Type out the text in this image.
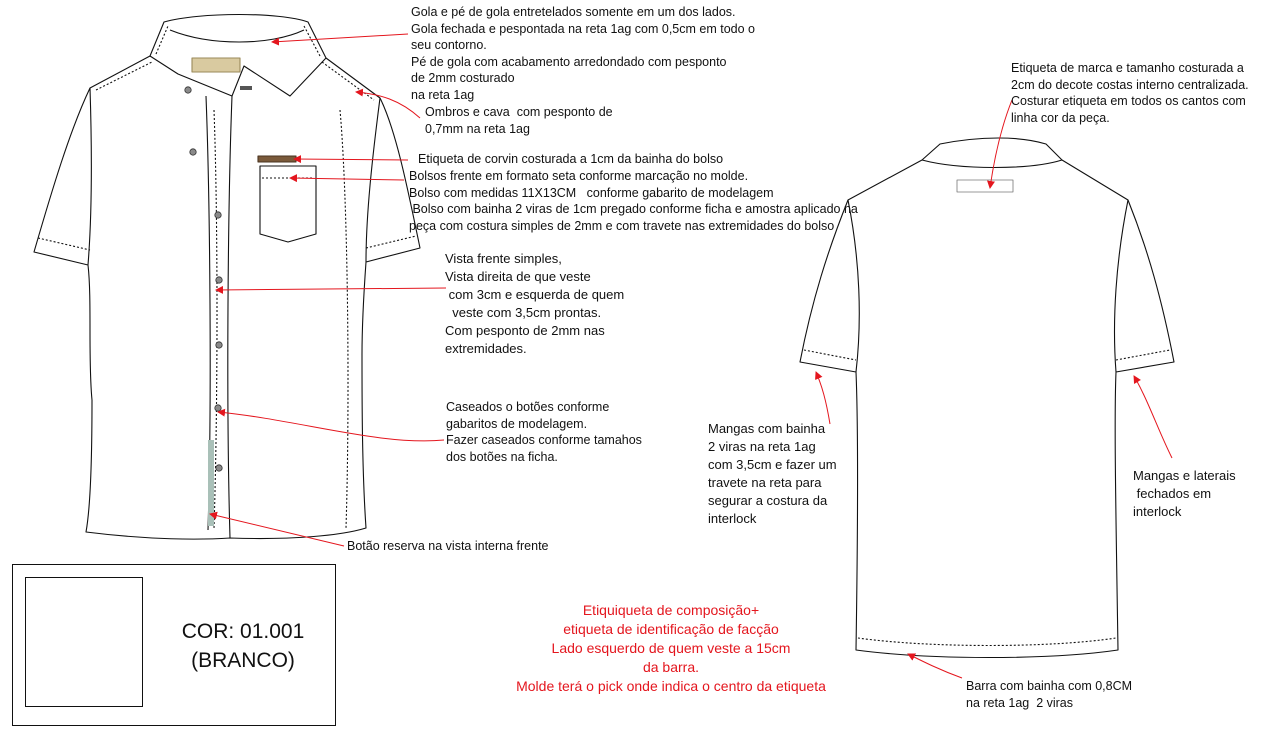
Gola e pé de gola entretelados somente em um dos lados.
Gola fechada e pespontada na reta 1ag com 0,5cm em todo o
seu contorno.
Pé de gola com acabamento arredondado com pesponto
de 2mm costurado
na reta 1ag
Ombros e cava  com pesponto de
0,7mm na reta 1ag
Etiqueta de corvin costurada a 1cm da bainha do bolso
Bolsos frente em formato seta conforme marcação no molde.
Bolso com medidas 11X13CM   conforme gabarito de modelagem
Bolso com bainha 2 viras de 1cm pregado conforme ficha e amostra aplicado na
peça com costura simples de 2mm e com travete nas extremidades do bolso
Vista frente simples,
Vista direita de que veste
com 3cm e esquerda de quem
veste com 3,5cm prontas.
Com pesponto de 2mm nas
extremidades.
Caseados o botões conforme
gabaritos de modelagem.
Fazer caseados conforme tamahos
dos botões na ficha.
Botão reserva na vista interna frente
Etiqueta de marca e tamanho costurada a
2cm do decote costas interno centralizada.
Costurar etiqueta em todos os cantos com
linha cor da peça.
Mangas com bainha
2 viras na reta 1ag
com 3,5cm e fazer um
travete na reta para
segurar a costura da
interlock
Mangas e laterais
fechados em
interlock
Barra com bainha com 0,8CM
na reta 1ag  2 viras
Etiquiqueta de composição+
etiqueta de identificação de facção
Lado esquerdo de quem veste a 15cm
da barra.
Molde terá o pick onde indica o centro da etiqueta
COR: 01.001
(BRANCO)
